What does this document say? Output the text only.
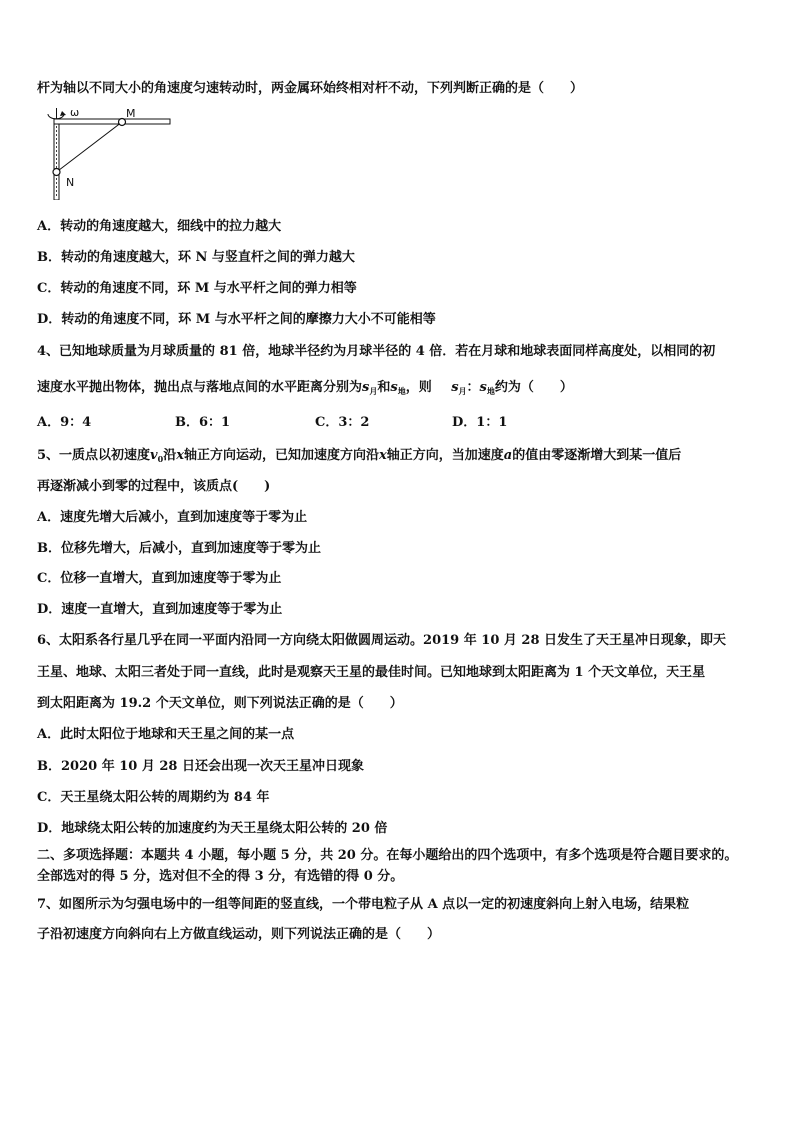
杆为轴以不同大小的角速度匀速转动时，两金属环始终相对杆不动，下列判断正确的是（　　）
ω	M
N
A．转动的角速度越大，细线中的拉力越大
B．转动的角速度越大，环 N 与竖直杆之间的弹力越大
C．转动的角速度不同，环 M 与水平杆之间的弹力相等
D．转动的角速度不同，环 M 与水平杆之间的摩擦力大小不可能相等
4、已知地球质量为月球质量的 81 倍，地球半径约为月球半径的 4 倍．若在月球和地球表面同样高度处，以相同的初
速度水平抛出物体，抛出点与落地点间的水平距离分别为$s_月$和$s_地$，则   $s_月$：$s_地$约为（　　）
A．9：4	B．6：1	C．3：2	D．1：1
5、一质点以初速度$v_0$沿x轴正方向运动，已知加速度方向沿x轴正方向，当加速度a的值由零逐渐增大到某一值后
再逐渐减小到零的过程中，该质点(　　)
A．速度先增大后减小，直到加速度等于零为止
B．位移先增大，后减小，直到加速度等于零为止
C．位移一直增大，直到加速度等于零为止
D．速度一直增大，直到加速度等于零为止
6、太阳系各行星几乎在同一平面内沿同一方向绕太阳做圆周运动。2019 年 10 月 28 日发生了天王星冲日现象，即天
王星、地球、太阳三者处于同一直线，此时是观察天王星的最佳时间。已知地球到太阳距离为 1 个天文单位，天王星
到太阳距离为 19.2 个天文单位，则下列说法正确的是（　　）
A．此时太阳位于地球和天王星之间的某一点
B．2020 年 10 月 28 日还会出现一次天王星冲日现象
C．天王星绕太阳公转的周期约为 84 年
D．地球绕太阳公转的加速度约为天王星绕太阳公转的 20 倍
二、多项选择题：本题共 4 小题，每小题 5 分，共 20 分。在每小题给出的四个选项中，有多个选项是符合题目要求的。
全部选对的得 5 分，选对但不全的得 3 分，有选错的得 0 分。
7、如图所示为匀强电场中的一组等间距的竖直线，一个带电粒子从 A 点以一定的初速度斜向上射入电场，结果粒
子沿初速度方向斜向右上方做直线运动，则下列说法正确的是（　　）
